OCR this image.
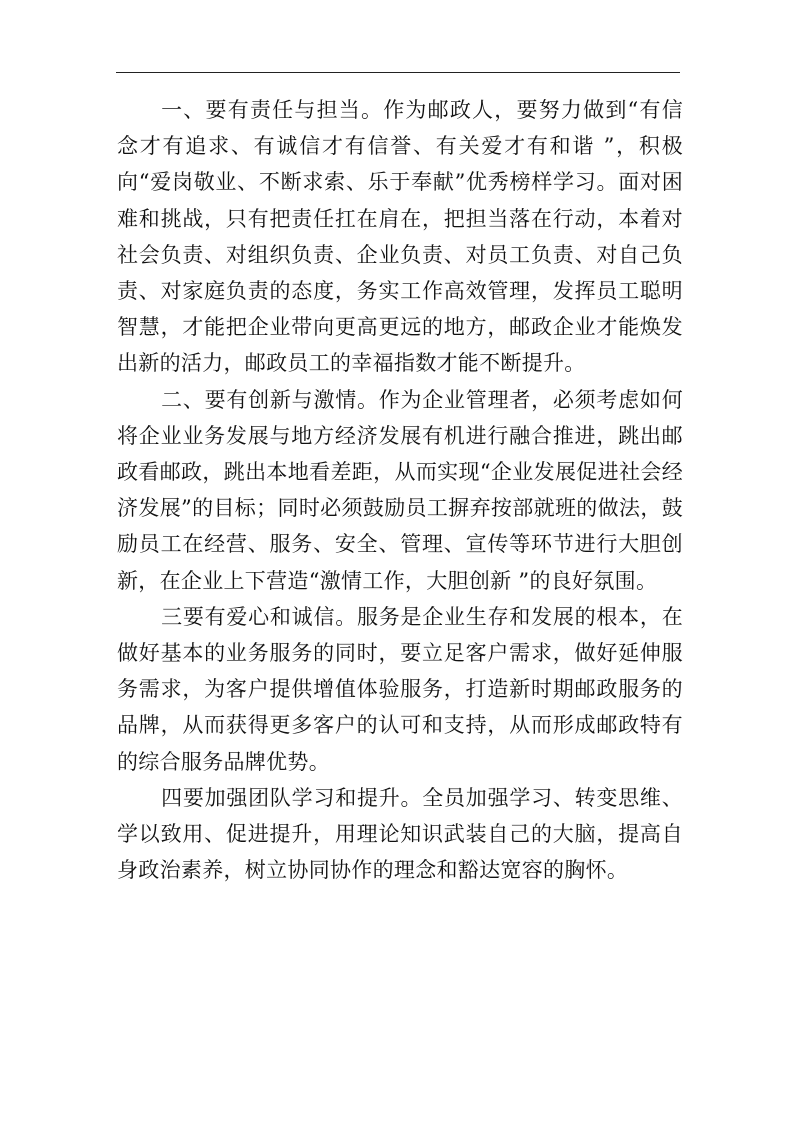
一、要有责任与担当。作为邮政人，要努力做到“有信念才有追求、有诚信才有信誉、有关爱才有和谐 ”，积极向“爱岗敬业、不断求索、乐于奉献”优秀榜样学习。面对困难和挑战，只有把责任扛在肩在，把担当落在行动，本着对社会负责、对组织负责、企业负责、对员工负责、对自己负责、对家庭负责的态度，务实工作高效管理，发挥员工聪明智慧，才能把企业带向更高更远的地方，邮政企业才能焕发出新的活力，邮政员工的幸福指数才能不断提升。

二、要有创新与激情。作为企业管理者，必须考虑如何将企业业务发展与地方经济发展有机进行融合推进，跳出邮政看邮政，跳出本地看差距，从而实现“企业发展促进社会经济发展”的目标；同时必须鼓励员工摒弃按部就班的做法，鼓励员工在经营、服务、安全、管理、宣传等环节进行大胆创新，在企业上下营造“激情工作，大胆创新 ”的良好氛围。

三要有爱心和诚信。服务是企业生存和发展的根本，在做好基本的业务服务的同时，要立足客户需求，做好延伸服务需求，为客户提供增值体验服务，打造新时期邮政服务的品牌，从而获得更多客户的认可和支持，从而形成邮政特有的综合服务品牌优势。

四要加强团队学习和提升。全员加强学习、转变思维、学以致用、促进提升，用理论知识武装自己的大脑，提高自身政治素养，树立协同协作的理念和豁达宽容的胸怀。
